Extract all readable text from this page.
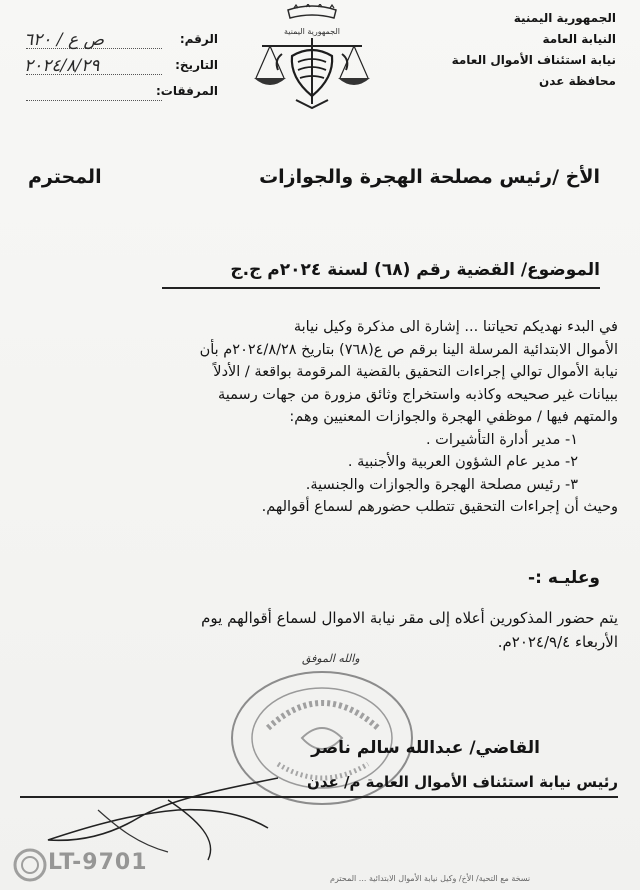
الجمهورية اليمنية
النيابة العامة
نيابة استئناف الأموال العامة
محافظة عدن
الجمهورية اليمنية
الرقم:
ص ع / ٦٢٠
التاريخ:
٢٠٢٤/٨/٢٩
المرفقات:
الأخ /رئيس مصلحة الهجرة والجوازات
المحترم
الموضوع/ القضية رقم (٦٨) لسنة ٢٠٢٤م ج.ج
في البدء نهديكم تحياتنا ... إشارة الى مذكرة وكيل نيابة
الأموال الابتدائية المرسلة الينا برقم ص ع(٧٦٨) بتاريخ ٢٠٢٤/٨/٢٨م بأن
نيابة الأموال توالي إجراءات التحقيق بالقضية المرقومة بواقعة / الأدلاً
ببيانات غير صحيحه وكاذبه واستخراج وثائق مزورة من جهات رسمية
والمتهم فيها / موظفي الهجرة والجوازات المعنيين وهم:
١- مدير أدارة التأشيرات .
٢- مدير عام الشؤون العربية والأجنبية .
٣- رئيس مصلحة الهجرة والجوازات والجنسية.
وحيث أن إجراءات التحقيق تتطلب حضورهم لسماع أقوالهم.
وعليـه :-
يتم حضور المذكورين أعلاه إلى مقر نيابة الاموال لسماع أقوالهم يوم
الأربعاء ٢٠٢٤/٩/٤م.
والله الموفق
القاضي/ عبدالله سالم ناصر
رئيس نيابة استئناف الأموال العامة م/ عدن
LT-9701
نسخة مع التحية/ الأخ/ وكيل نيابة الأموال الابتدائية ... المحترم
